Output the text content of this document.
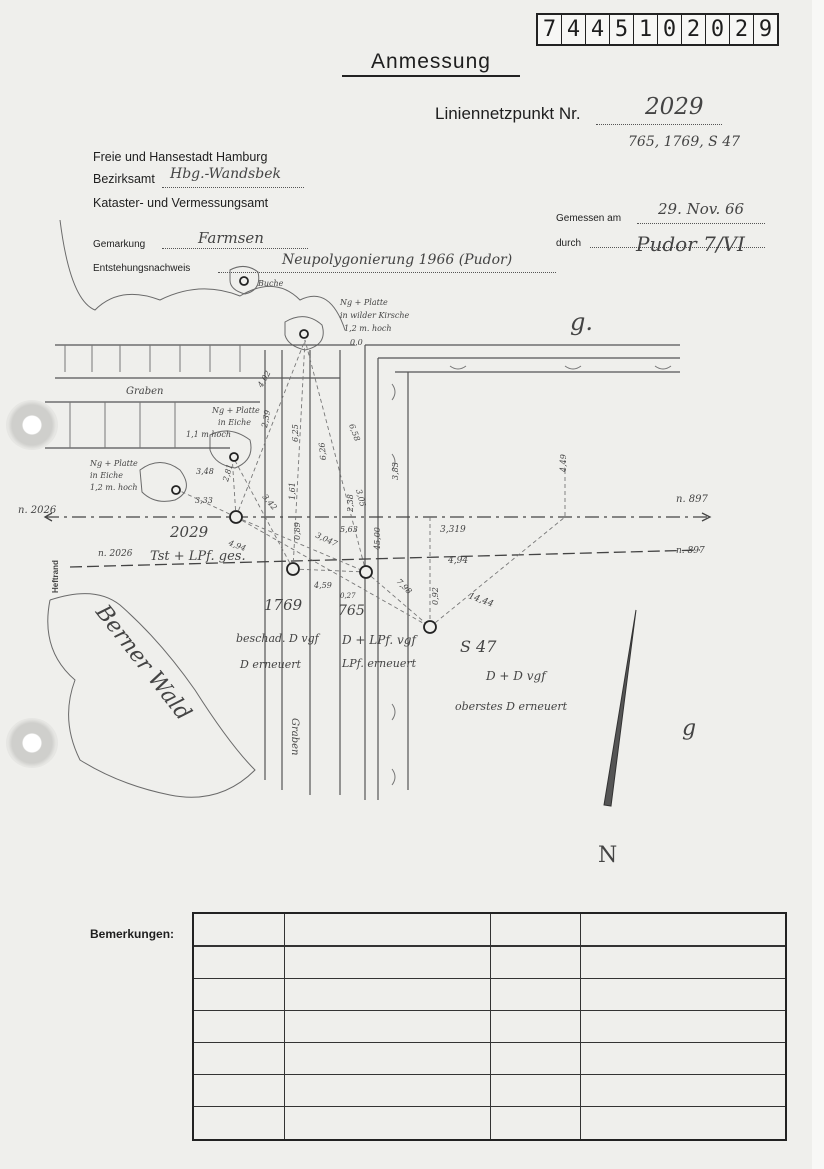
7 4 4 5 1 0 2 0 2 9
Anmessung
Liniennetzpunkt Nr.	2029
765, 1769, S 47
Freie und Hansestadt Hamburg
Bezirksamt Hbg.-Wandsbek
Kataster- und Vermessungsamt
Gemessen am
29. Nov. 66
durch	Pudor 7/VI
Gemarkung	Farmsen
Entstehungsnachweis
Neupolygonierung 1966 (Pudor)
Buche
Ng + Platte
in wilder Kirsche
1,2 m. hoch
0,0
Graben
Ng + Platte
in Eiche
1,1 m hoch
Ng + Platte
in Eiche
1,2 m. hoch
n. 2026
n. 2026
n. 897
n. 897
2029
Tst + LPf. ges.
1769
beschad. D vgf
D erneuert
765
D + LPf. vgf
LPf. erneuert
S 47
D + D vgf
oberstes D erneuert
Heftrand
Berner Wald
Graben
g.
g
N
4,02
2,39
6,25
6,26
6,58
3,48
3,33
2,81
3,42
1,61
2,38 3,05
3,83	4,49
0,89 3,047
5,63	3,319
45,00
4,94
0,92
4,94
7,98
4,59
0,27	14,44
Bemerkungen:
